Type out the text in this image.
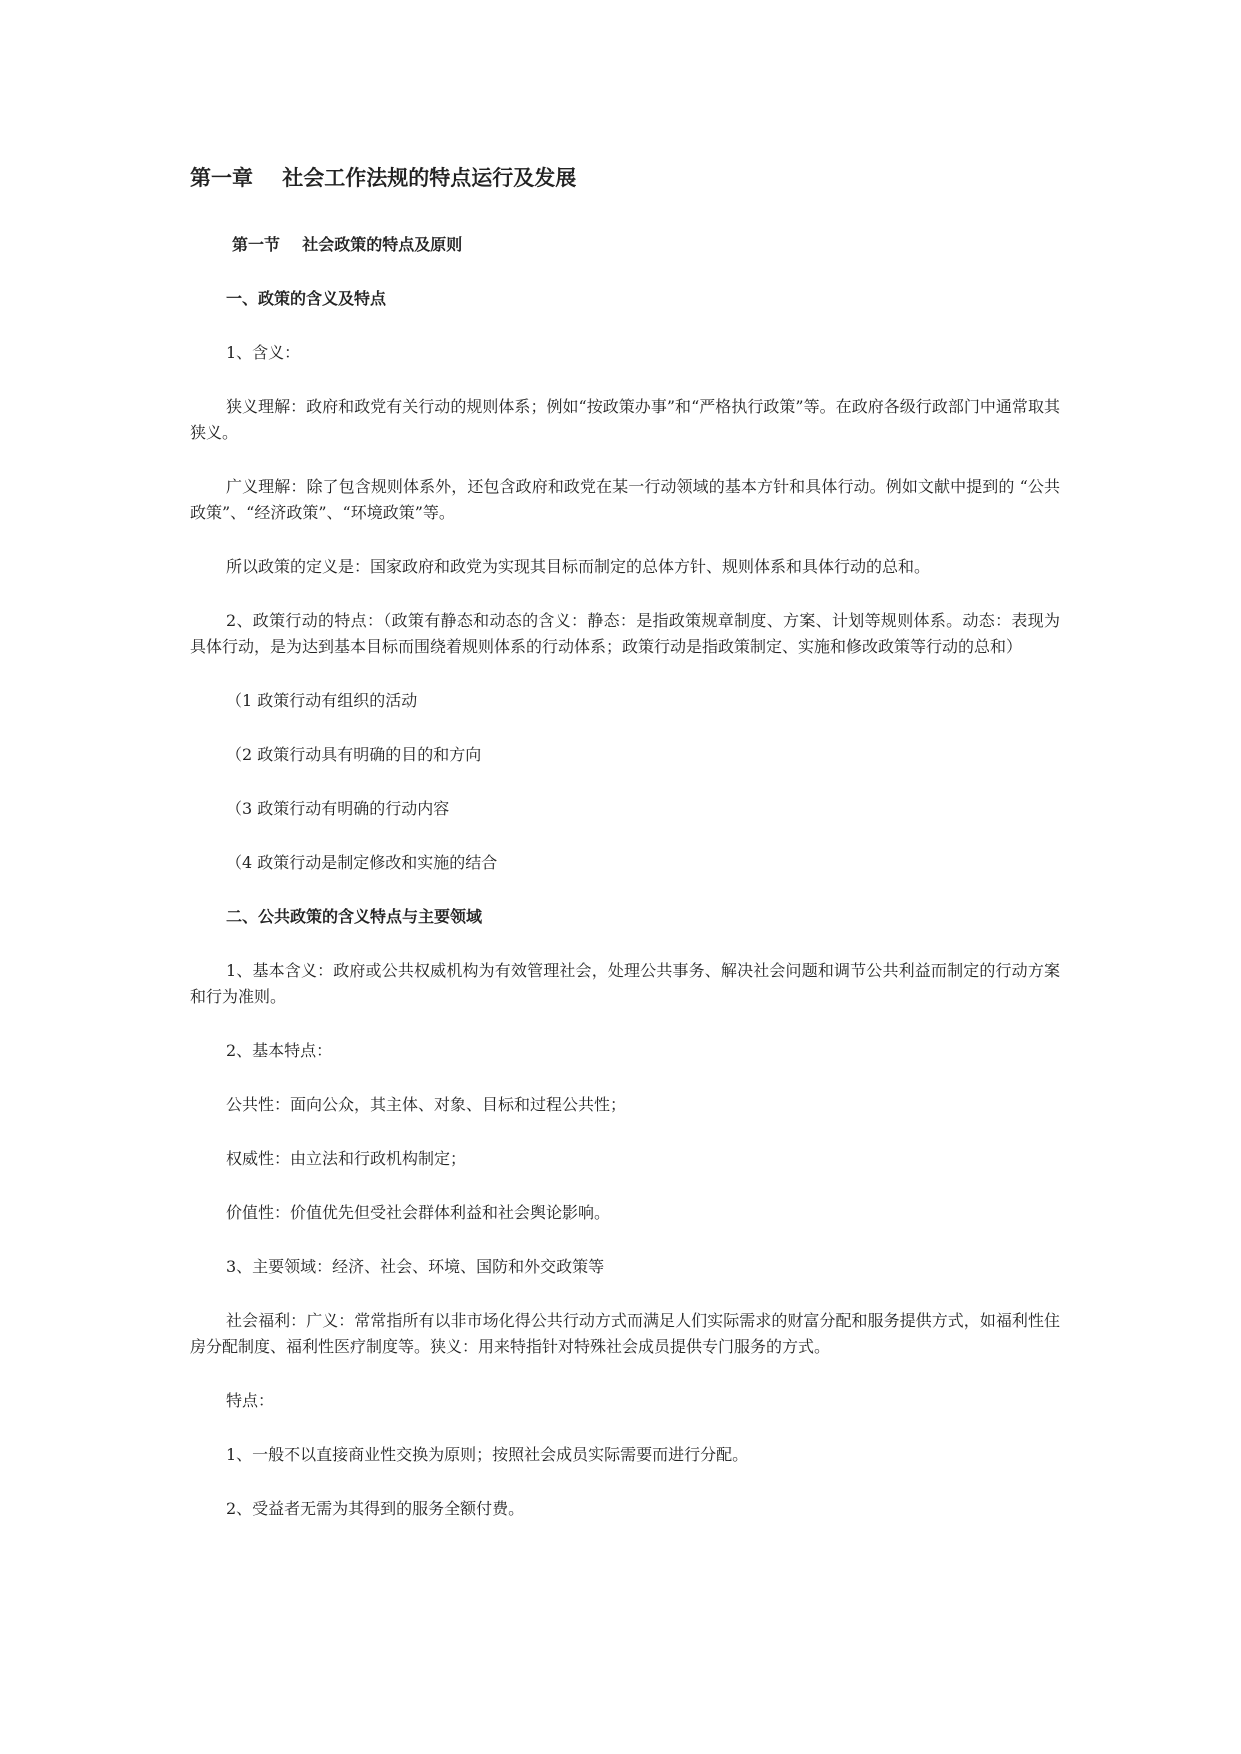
第一章    社会工作法规的特点运行及发展
第一节    社会政策的特点及原则
一、政策的含义及特点

1、含义：

狭义理解：政府和政党有关行动的规则体系；例如“按政策办事”和“严格执行政策”等。在政府各级行政部门中通常取其狭义。

广义理解：除了包含规则体系外，还包含政府和政党在某一行动领域的基本方针和具体行动。例如文献中提到的 “公共政策”、“经济政策”、“环境政策”等。

所以政策的定义是：国家政府和政党为实现其目标而制定的总体方针、规则体系和具体行动的总和。

2、政策行动的特点：（政策有静态和动态的含义：静态：是指政策规章制度、方案、计划等规则体系。动态：表现为具体行动，是为达到基本目标而围绕着规则体系的行动体系；政策行动是指政策制定、实施和修改政策等行动的总和）

（1 政策行动有组织的活动

（2 政策行动具有明确的目的和方向

（3 政策行动有明确的行动内容

（4 政策行动是制定修改和实施的结合

二、公共政策的含义特点与主要领域

1、基本含义：政府或公共权威机构为有效管理社会，处理公共事务、解决社会问题和调节公共利益而制定的行动方案和行为准则。

2、基本特点：

公共性：面向公众，其主体、对象、目标和过程公共性；

权威性：由立法和行政机构制定；

价值性：价值优先但受社会群体利益和社会舆论影响。

3、主要领域：经济、社会、环境、国防和外交政策等

社会福利：广义：常常指所有以非市场化得公共行动方式而满足人们实际需求的财富分配和服务提供方式，如福利性住房分配制度、福利性医疗制度等。狭义：用来特指针对特殊社会成员提供专门服务的方式。

特点：

1、一般不以直接商业性交换为原则；按照社会成员实际需要而进行分配。

2、受益者无需为其得到的服务全额付费。
